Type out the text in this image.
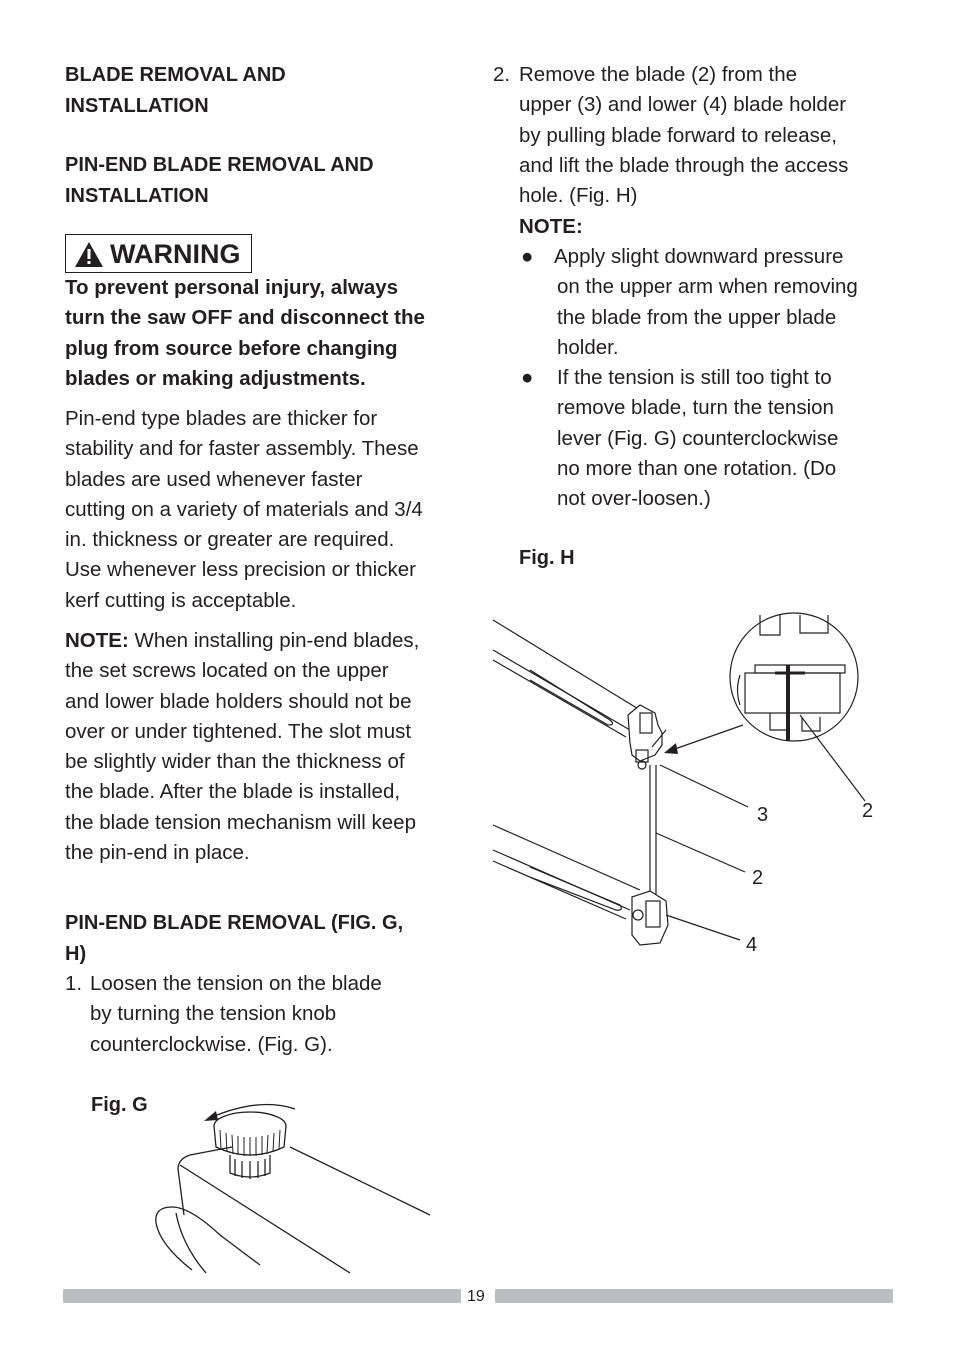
BLADE REMOVAL AND

INSTALLATION

PIN-END BLADE REMOVAL AND

INSTALLATION

WARNING

To prevent personal injury, always

turn the saw OFF and disconnect the

plug from source before changing

blades or making adjustments.

Pin-end type blades are thicker for

stability and for faster assembly. These

blades are used whenever faster

cutting on a variety of materials and 3/4

in. thickness or greater are required.

Use whenever less precision or thicker

kerf cutting is acceptable.

NOTE: When installing pin-end blades,

the set screws located on the upper

and lower blade holders should not be

over or under tightened. The slot must

be slightly wider than the thickness of

the blade. After the blade is installed,

the blade tension mechanism will keep

the pin-end in place.

PIN-END BLADE REMOVAL (FIG. G,

H)

1. Loosen the tension on the blade

by turning the tension knob

counterclockwise. (Fig. G).

Fig. G
2. Remove the blade (2) from the

upper (3) and lower (4) blade holder

by pulling blade forward to release,

and lift the blade through the access

hole. (Fig. H)

NOTE:
●	Apply slight downward pressure

on the upper arm when removing

the blade from the upper blade

holder.

●	If the tension is still too tight to

remove blade, turn the tension

lever (Fig. G) counterclockwise

no more than one rotation. (Do

not over-loosen.)

Fig. H
3	2
2
4
19
